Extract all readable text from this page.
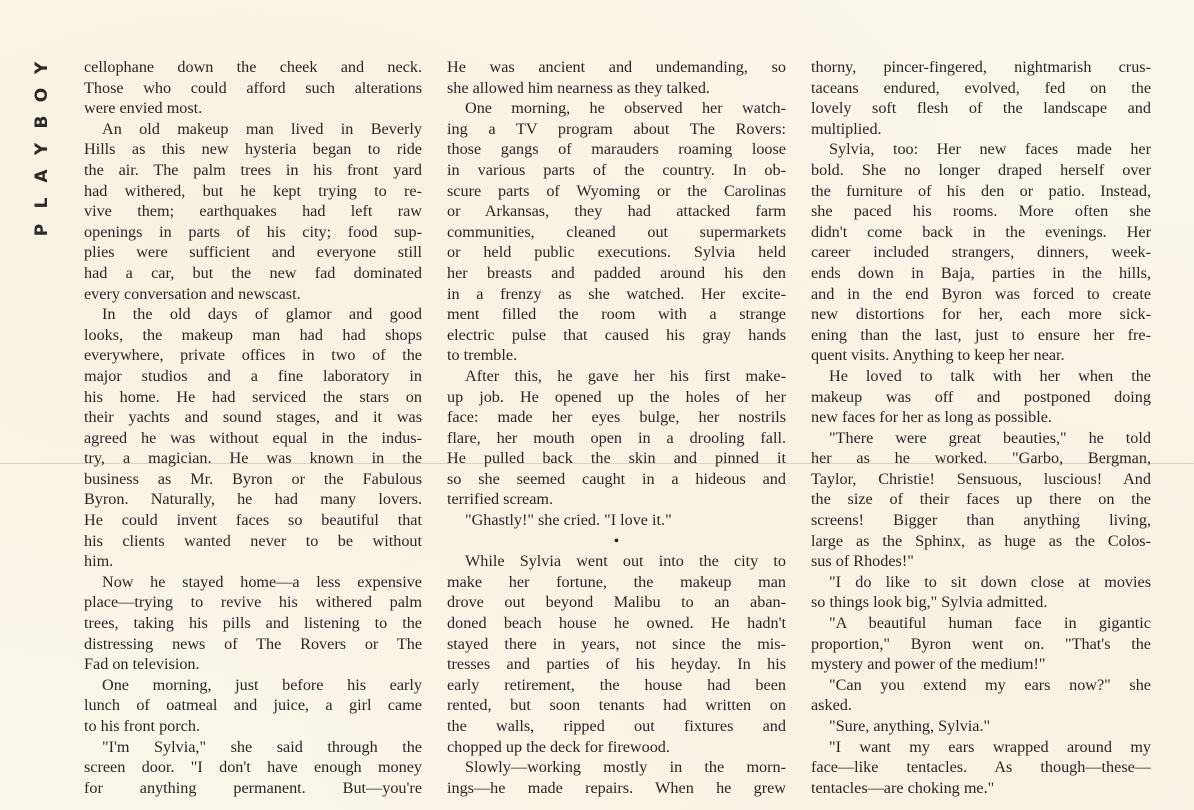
P
L
A
Y
B
O
Y cellophane down the cheek and neck.
Those who could afford such alterations
were envied most.
An old makeup man lived in Beverly
Hills as this new hysteria began to ride
the air. The palm trees in his front yard
had withered, but he kept trying to re-
vive them; earthquakes had left raw
openings in parts of his city; food sup-
plies were sufficient and everyone still
had a car, but the new fad dominated
every conversation and newscast.
In the old days of glamor and good
looks, the makeup man had had shops
everywhere, private offices in two of the
major studios and a fine laboratory in
his home. He had serviced the stars on
their yachts and sound stages, and it was
agreed he was without equal in the indus-
try, a magician. He was known in the
business as Mr. Byron or the Fabulous
Byron. Naturally, he had many lovers.
He could invent faces so beautiful that
his clients wanted never to be without
him.
Now he stayed home—a less expensive
place—trying to revive his withered palm
trees, taking his pills and listening to the
distressing news of The Rovers or The
Fad on television.
One morning, just before his early
lunch of oatmeal and juice, a girl came
to his front porch.
"I'm Sylvia," she said through the
screen door. "I don't have enough money
for anything permanent. But—you're
He was ancient and undemanding, so
she allowed him nearness as they talked.
One morning, he observed her watch-
ing a TV program about The Rovers:
those gangs of marauders roaming loose
in various parts of the country. In ob-
scure parts of Wyoming or the Carolinas
or Arkansas, they had attacked farm
communities, cleaned out supermarkets
or held public executions. Sylvia held
her breasts and padded around his den
in a frenzy as she watched. Her excite-
ment filled the room with a strange
electric pulse that caused his gray hands
to tremble.
After this, he gave her his first make-
up job. He opened up the holes of her
face: made her eyes bulge, her nostrils
flare, her mouth open in a drooling fall.
He pulled back the skin and pinned it
so she seemed caught in a hideous and
terrified scream.
"Ghastly!" she cried. "I love it."
•
While Sylvia went out into the city to
make her fortune, the makeup man
drove out beyond Malibu to an aban-
doned beach house he owned. He hadn't
stayed there in years, not since the mis-
tresses and parties of his heyday. In his
early retirement, the house had been
rented, but soon tenants had written on
the walls, ripped out fixtures and
chopped up the deck for firewood.
Slowly—working mostly in the morn-
ings—he made repairs. When he grew
thorny, pincer-fingered, nightmarish crus-
taceans endured, evolved, fed on the
lovely soft flesh of the landscape and
multiplied.
Sylvia, too: Her new faces made her
bold. She no longer draped herself over
the furniture of his den or patio. Instead,
she paced his rooms. More often she
didn't come back in the evenings. Her
career included strangers, dinners, week-
ends down in Baja, parties in the hills,
and in the end Byron was forced to create
new distortions for her, each more sick-
ening than the last, just to ensure her fre-
quent visits. Anything to keep her near.
He loved to talk with her when the
makeup was off and postponed doing
new faces for her as long as possible.
"There were great beauties," he told
her as he worked. "Garbo, Bergman,
Taylor, Christie! Sensuous, luscious! And
the size of their faces up there on the
screens! Bigger than anything living,
large as the Sphinx, as huge as the Colos-
sus of Rhodes!"
"I do like to sit down close at movies
so things look big," Sylvia admitted.
"A beautiful human face in gigantic
proportion," Byron went on. "That's the
mystery and power of the medium!"
"Can you extend my ears now?" she
asked.
"Sure, anything, Sylvia."
"I want my ears wrapped around my
face—like tentacles. As though—these—
tentacles—are choking me."
